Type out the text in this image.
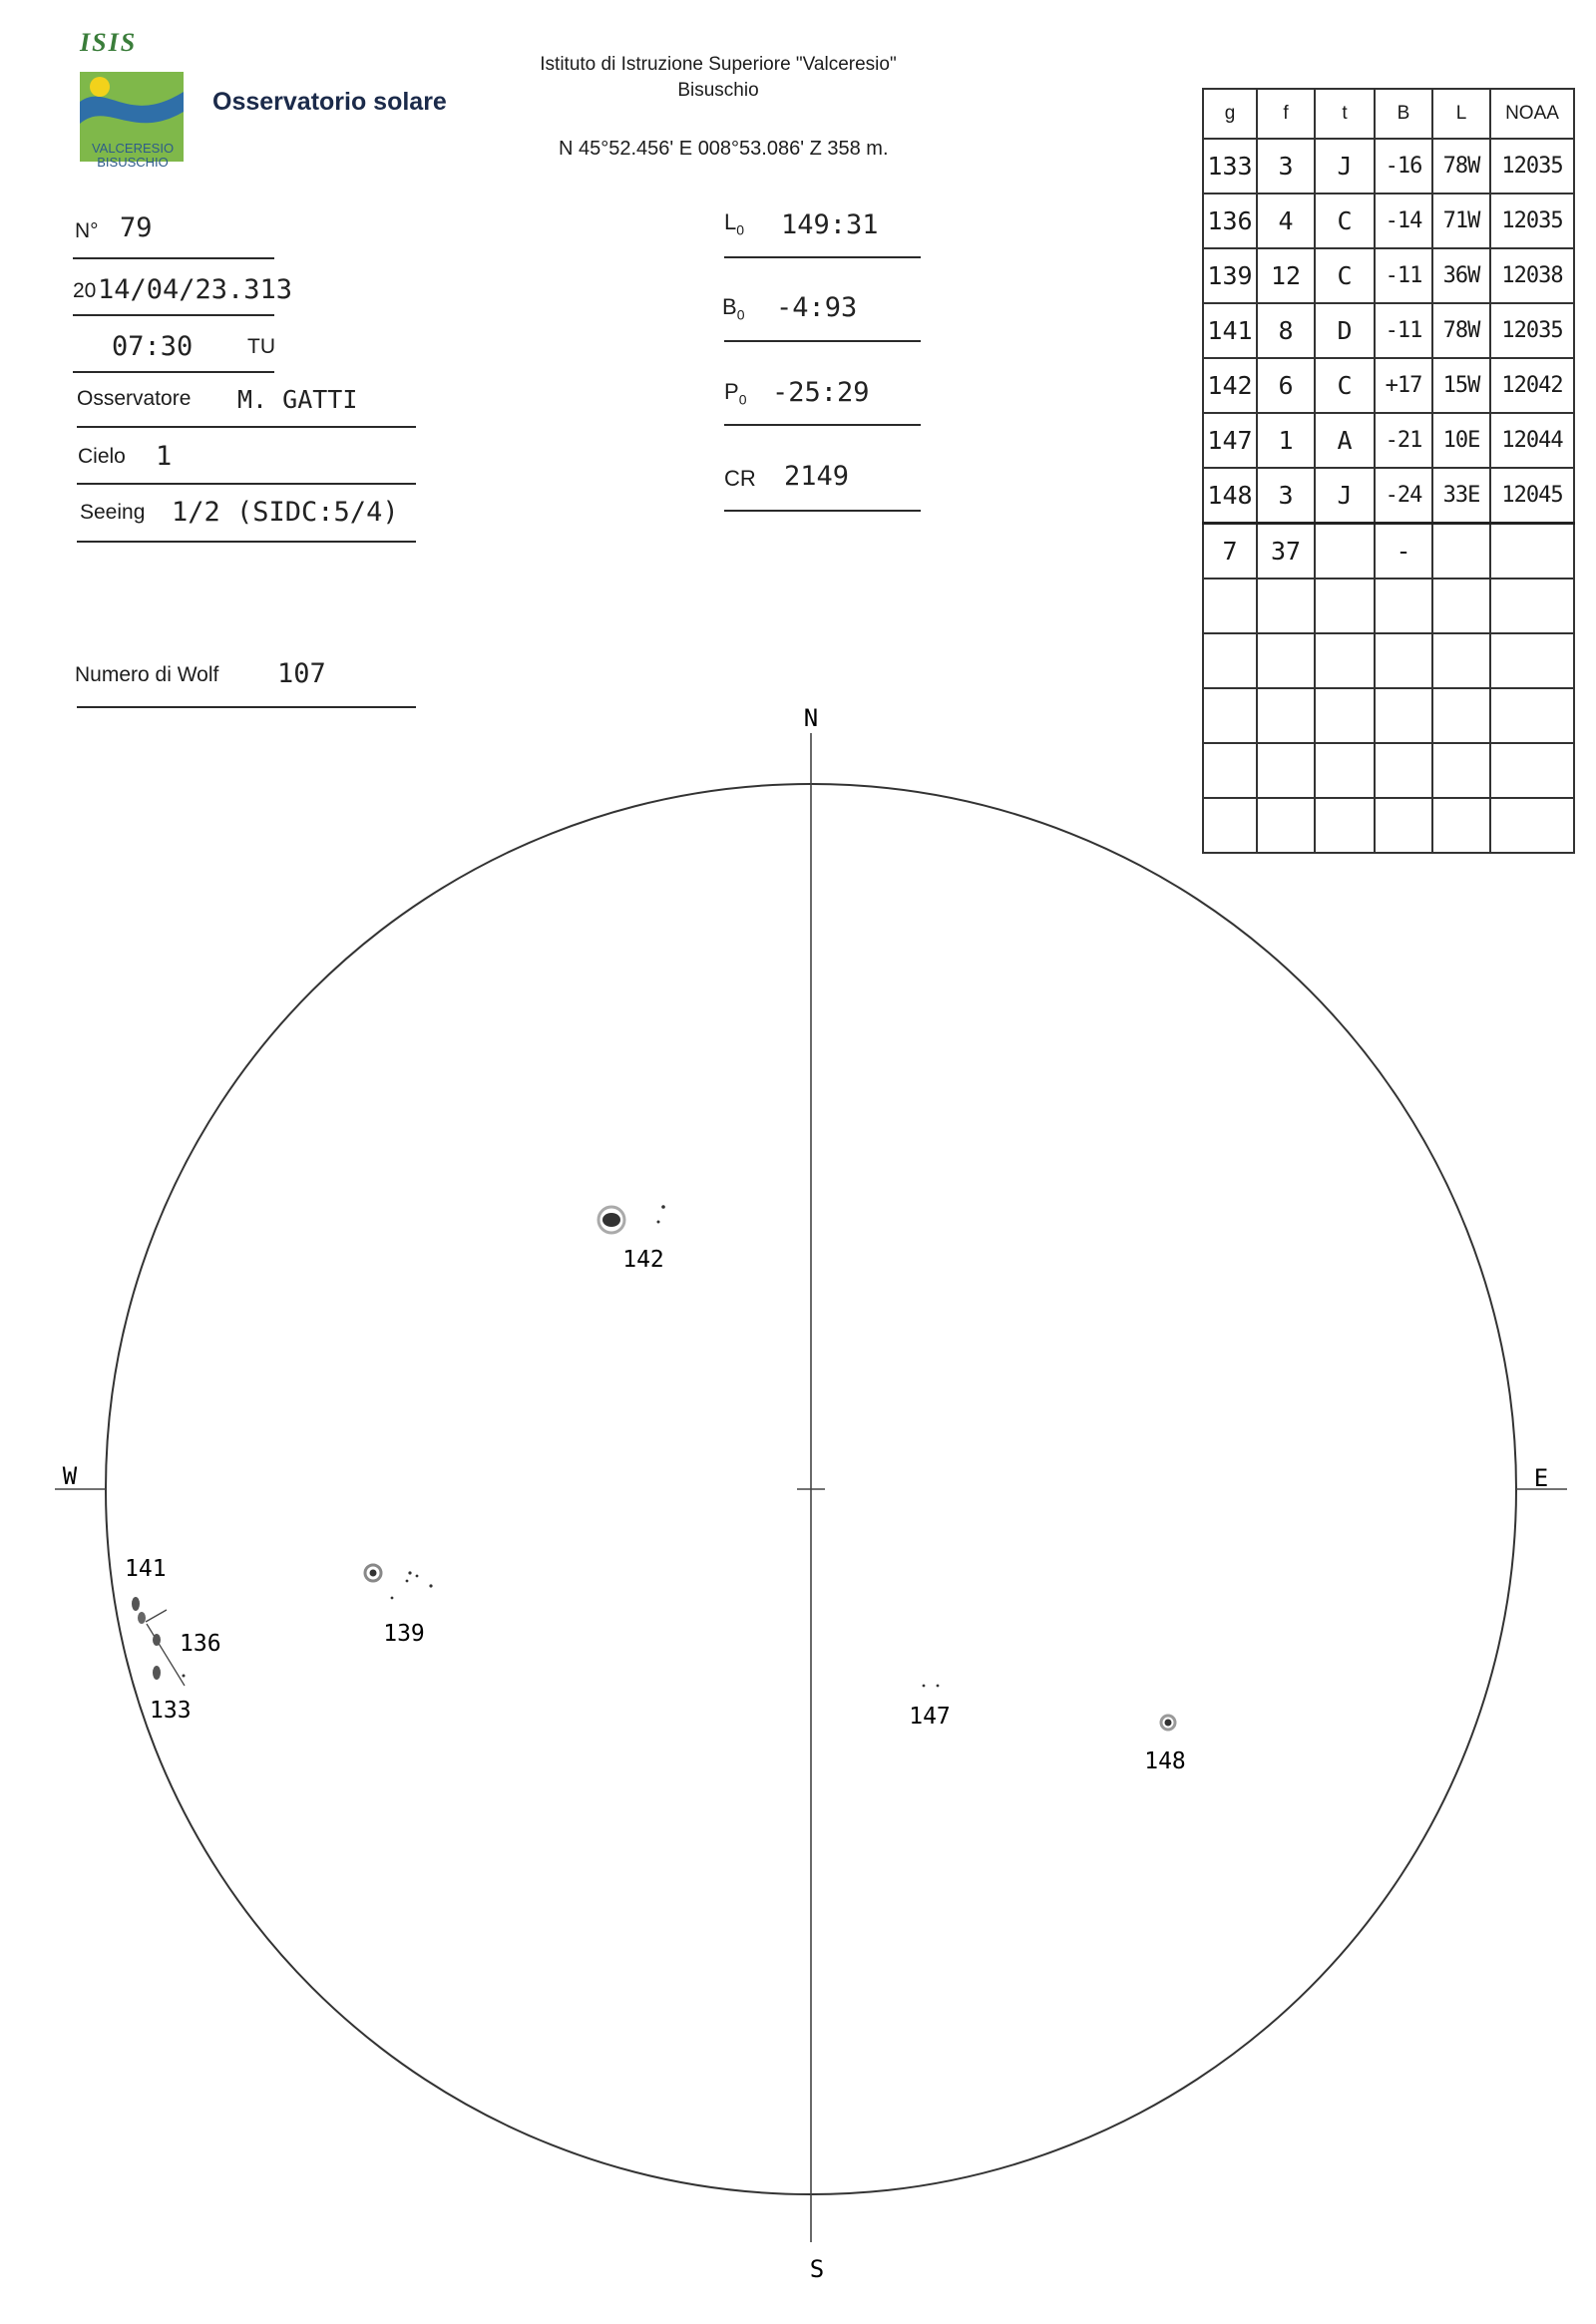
ISIS
VALCERESIO
BISUSCHIO
Osservatorio solare
Istituto di Istruzione Superiore "Valceresio"
Bisuschio
N 45°52.456' E 008°53.086' Z 358 m.
N° 79
20 14/04/23.313
07:30	TU
Osservatore M. GATTI
Cielo 1
Seeing 1/2 (SIDC:5/4)
Numero di Wolf 107
$L_0$ 149:31
$B_0$ -4:93
$P_0$ -25:29
CR 2149
g	f	t	B	L	NOAA
133	3	J	-16	78W	12035
136	4	C	-14	71W	12035
139	12	C	-11	36W	12038
141	8	D	-11	78W	12035
142	6	C	+17	15W	12042
147	1	A	-21	10E	12044
148	3	J	-24	33E	12045
7	37		-		

N
S
W	E
142
141
136
133
139
147
148
